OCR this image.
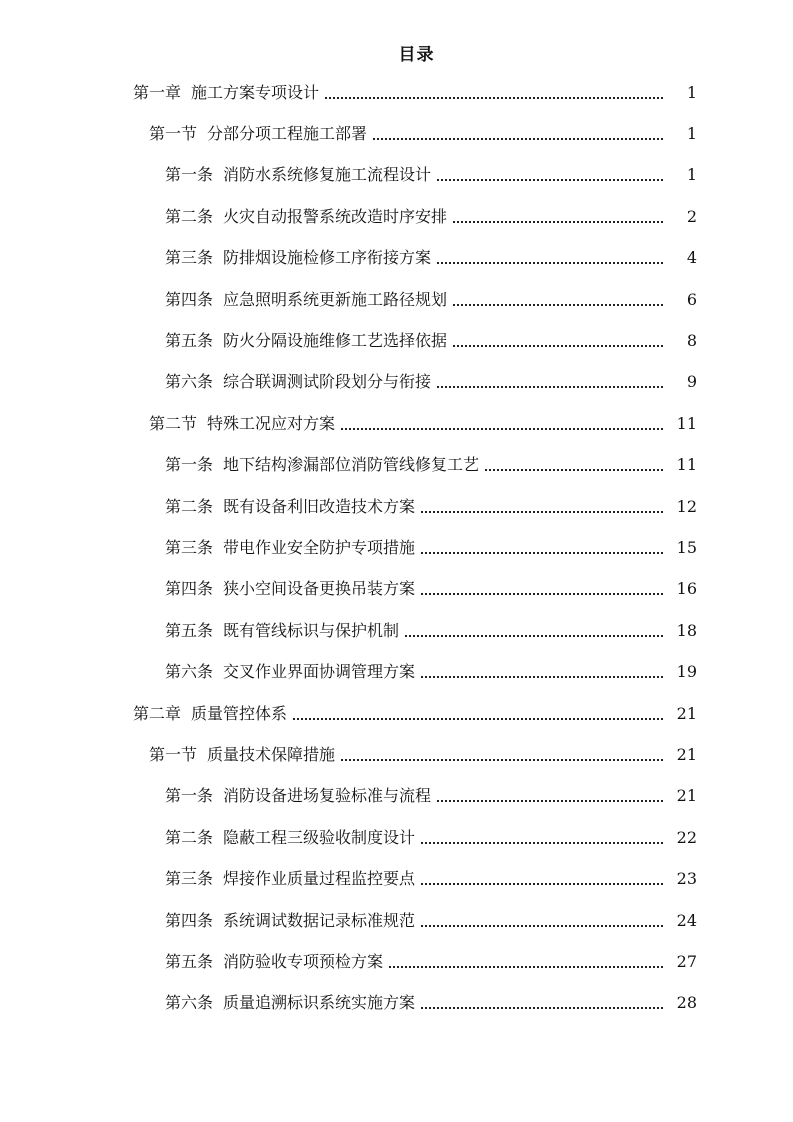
目录
第一章 施工方案专项设计	1
第一节 分部分项工程施工部署	1
第一条 消防水系统修复施工流程设计	1
第二条 火灾自动报警系统改造时序安排	2
第三条 防排烟设施检修工序衔接方案	4
第四条 应急照明系统更新施工路径规划	6
第五条 防火分隔设施维修工艺选择依据	8
第六条 综合联调测试阶段划分与衔接	9
第二节 特殊工况应对方案	11
第一条 地下结构渗漏部位消防管线修复工艺	11
第二条 既有设备利旧改造技术方案	12
第三条 带电作业安全防护专项措施	15
第四条 狭小空间设备更换吊装方案	16
第五条 既有管线标识与保护机制	18
第六条 交叉作业界面协调管理方案	19
第二章 质量管控体系	21
第一节 质量技术保障措施	21
第一条 消防设备进场复验标准与流程	21
第二条 隐蔽工程三级验收制度设计	22
第三条 焊接作业质量过程监控要点	23
第四条 系统调试数据记录标准规范	24
第五条 消防验收专项预检方案	27
第六条 质量追溯标识系统实施方案	28
